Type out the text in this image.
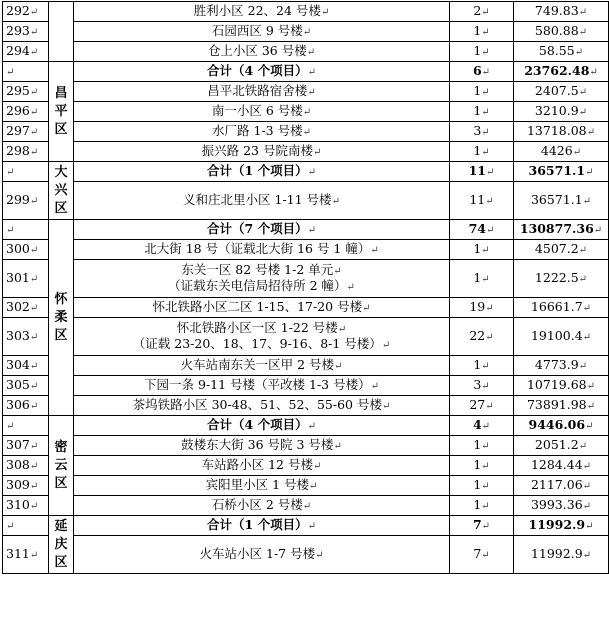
292↵		胜利小区 22、24 号楼↵	2↵	749.83↵
293↵		石园西区 9 号楼↵	1↵	580.88↵
294↵		仓上小区 36 号楼↵	1↵	58.55↵
↵	昌平区	合计（4 个项目）↵	6↵	23762.48↵
295↵		昌平北铁路宿舍楼↵	1↵	2407.5↵
296↵		南一小区 6 号楼↵	1↵	3210.9↵
297↵		水厂路 1-3 号楼↵	3↵	13718.08↵
298↵		振兴路 23 号院南楼↵	1↵	4426↵
↵	大兴区	合计（1 个项目）↵	11↵	36571.1↵
299↵		义和庄北里小区 1-11 号楼↵	11↵	36571.1↵
↵	怀柔区	合计（7 个项目）↵	74↵	130877.36↵
300↵		北大街 18 号（证载北大街 16 号 1 幢）↵	1↵	4507.2↵
301↵		东关一区 82 号楼 1-2 单元↵
（证载东关电信局招待所 2 幢）↵	1↵	1222.5↵
302↵		怀北铁路小区二区 1-15、17-20 号楼↵	19↵	16661.7↵
303↵		怀北铁路小区一区 1-22 号楼↵
（证载 23-20、18、17、9-16、8-1 号楼）↵	22↵	19100.4↵
304↵		火车站南东关一区甲 2 号楼↵	1↵	4773.9↵
305↵		下园一条 9-11 号楼（平改楼 1-3 号楼）↵	3↵	10719.68↵
306↵		茶坞铁路小区 30-48、51、52、55-60 号楼↵	27↵	73891.98↵
↵	密云区	合计（4 个项目）↵	4↵	9446.06↵
307↵		鼓楼东大街 36 号院 3 号楼↵	1↵	2051.2↵
308↵		车站路小区 12 号楼↵	1↵	1284.44↵
309↵		宾阳里小区 1 号楼↵	1↵	2117.06↵
310↵		石桥小区 2 号楼↵	1↵	3993.36↵
↵	延庆区	合计（1 个项目）↵	7↵	11992.9↵
311↵		火车站小区 1-7 号楼↵	7↵	11992.9↵
